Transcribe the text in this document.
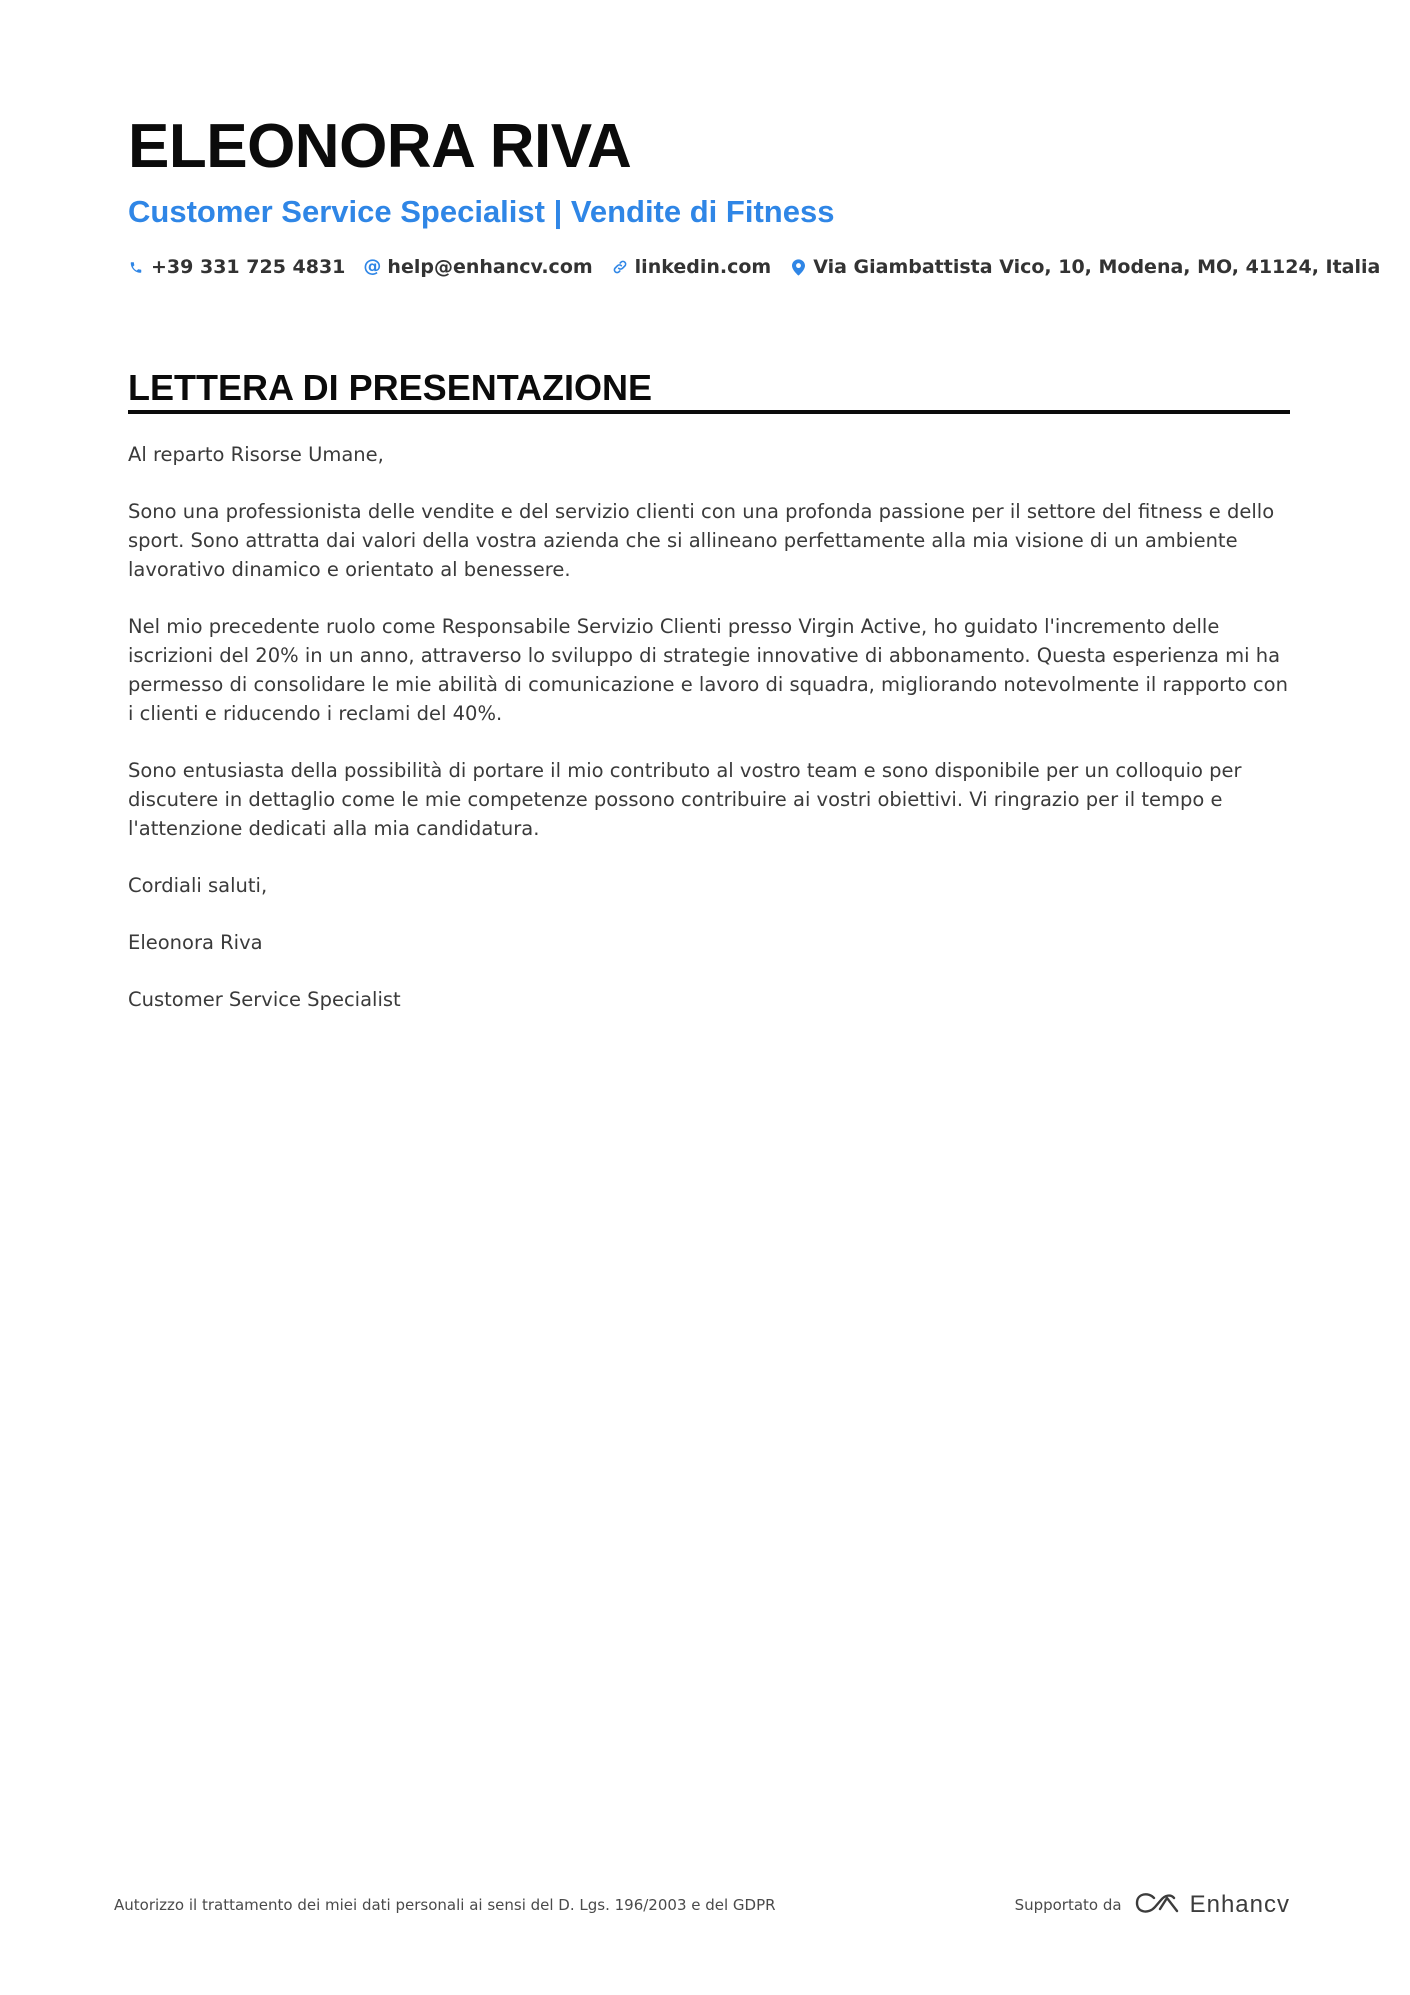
ELEONORA RIVA
Customer Service Specialist | Vendite di Fitness
+39 331 725 4831 @ help@enhancv.com linkedin.com Via Giambattista Vico, 10, Modena, MO, 41124, Italia
LETTERA DI PRESENTAZIONE

Al reparto Risorse Umane,

Sono una professionista delle vendite e del servizio clienti con una profonda passione per il settore del fitness e dello sport. Sono attratta dai valori della vostra azienda che si allineano perfettamente alla mia visione di un ambiente lavorativo dinamico e orientato al benessere.

Nel mio precedente ruolo come Responsabile Servizio Clienti presso Virgin Active, ho guidato l'incremento delle iscrizioni del 20% in un anno, attraverso lo sviluppo di strategie innovative di abbonamento. Questa esperienza mi ha permesso di consolidare le mie abilità di comunicazione e lavoro di squadra, migliorando notevolmente il rapporto con i clienti e riducendo i reclami del 40%.

Sono entusiasta della possibilità di portare il mio contributo al vostro team e sono disponibile per un colloquio per discutere in dettaglio come le mie competenze possono contribuire ai vostri obiettivi. Vi ringrazio per il tempo e l'attenzione dedicati alla mia candidatura.

Cordiali saluti,

Eleonora Riva

Customer Service Specialist

Autorizzo il trattamento dei miei dati personali ai sensi del D. Lgs. 196/2003 e del GDPR	Supportato da	Enhancv
